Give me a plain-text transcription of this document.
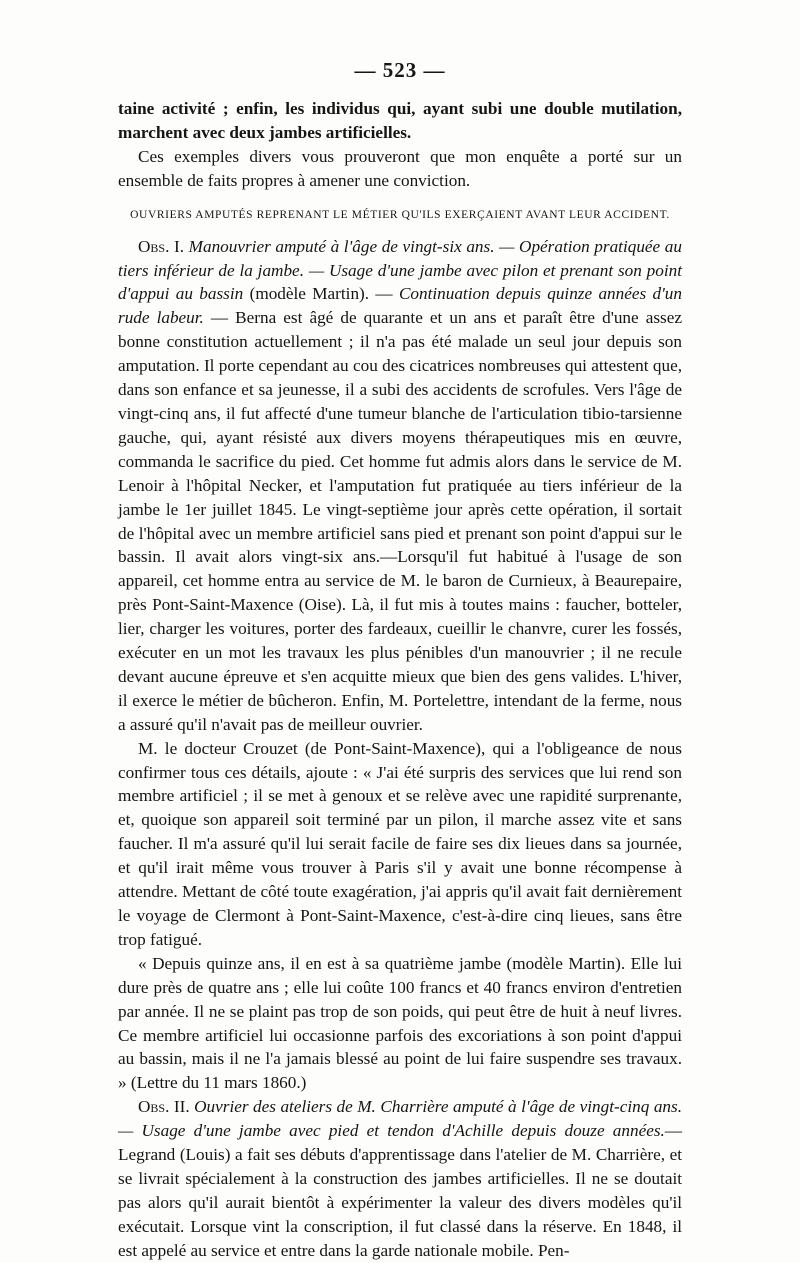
— 523 —

taine activité ; enfin, les individus qui, ayant subi une double mutilation, marchent avec deux jambes artificielles.

Ces exemples divers vous prouveront que mon enquête a porté sur un ensemble de faits propres à amener une conviction.

OUVRIERS AMPUTÉS REPRENANT LE MÉTIER QU'ILS EXERÇAIENT AVANT LEUR ACCIDENT.

Obs. I. Manouvrier amputé à l'âge de vingt-six ans. — Opération pratiquée au tiers inférieur de la jambe. — Usage d'une jambe avec pilon et prenant son point d'appui au bassin (modèle Martin). — Continuation depuis quinze années d'un rude labeur. — Berna est âgé de quarante et un ans et paraît être d'une assez bonne constitution actuellement ; il n'a pas été malade un seul jour depuis son amputation. Il porte cependant au cou des cicatrices nombreuses qui attestent que, dans son enfance et sa jeunesse, il a subi des accidents de scrofules. Vers l'âge de vingt-cinq ans, il fut affecté d'une tumeur blanche de l'articulation tibio-tarsienne gauche, qui, ayant résisté aux divers moyens thérapeutiques mis en œuvre, commanda le sacrifice du pied. Cet homme fut admis alors dans le service de M. Lenoir à l'hôpital Necker, et l'amputation fut pratiquée au tiers inférieur de la jambe le 1er juillet 1845. Le vingt-septième jour après cette opération, il sortait de l'hôpital avec un membre artificiel sans pied et prenant son point d'appui sur le bassin. Il avait alors vingt-six ans.—Lorsqu'il fut habitué à l'usage de son appareil, cet homme entra au service de M. le baron de Curnieux, à Beaurepaire, près Pont-Saint-Maxence (Oise). Là, il fut mis à toutes mains : faucher, botteler, lier, charger les voitures, porter des fardeaux, cueillir le chanvre, curer les fossés, exécuter en un mot les travaux les plus pénibles d'un manouvrier ; il ne recule devant aucune épreuve et s'en acquitte mieux que bien des gens valides. L'hiver, il exerce le métier de bûcheron. Enfin, M. Portelettre, intendant de la ferme, nous a assuré qu'il n'avait pas de meilleur ouvrier.

M. le docteur Crouzet (de Pont-Saint-Maxence), qui a l'obligeance de nous confirmer tous ces détails, ajoute : « J'ai été surpris des services que lui rend son membre artificiel ; il se met à genoux et se relève avec une rapidité surprenante, et, quoique son appareil soit terminé par un pilon, il marche assez vite et sans faucher. Il m'a assuré qu'il lui serait facile de faire ses dix lieues dans sa journée, et qu'il irait même vous trouver à Paris s'il y avait une bonne récompense à attendre. Mettant de côté toute exagération, j'ai appris qu'il avait fait dernièrement le voyage de Clermont à Pont-Saint-Maxence, c'est-à-dire cinq lieues, sans être trop fatigué.

« Depuis quinze ans, il en est à sa quatrième jambe (modèle Martin). Elle lui dure près de quatre ans ; elle lui coûte 100 francs et 40 francs environ d'entretien par année. Il ne se plaint pas trop de son poids, qui peut être de huit à neuf livres. Ce membre artificiel lui occasionne parfois des excoriations à son point d'appui au bassin, mais il ne l'a jamais blessé au point de lui faire suspendre ses travaux. » (Lettre du 11 mars 1860.)

Obs. II. Ouvrier des ateliers de M. Charrière amputé à l'âge de vingt-cinq ans. — Usage d'une jambe avec pied et tendon d'Achille depuis douze années.— Legrand (Louis) a fait ses débuts d'apprentissage dans l'atelier de M. Charrière, et se livrait spécialement à la construction des jambes artificielles. Il ne se doutait pas alors qu'il aurait bientôt à expérimenter la valeur des divers modèles qu'il exécutait. Lorsque vint la conscription, il fut classé dans la réserve. En 1848, il est appelé au service et entre dans la garde nationale mobile. Pen-
